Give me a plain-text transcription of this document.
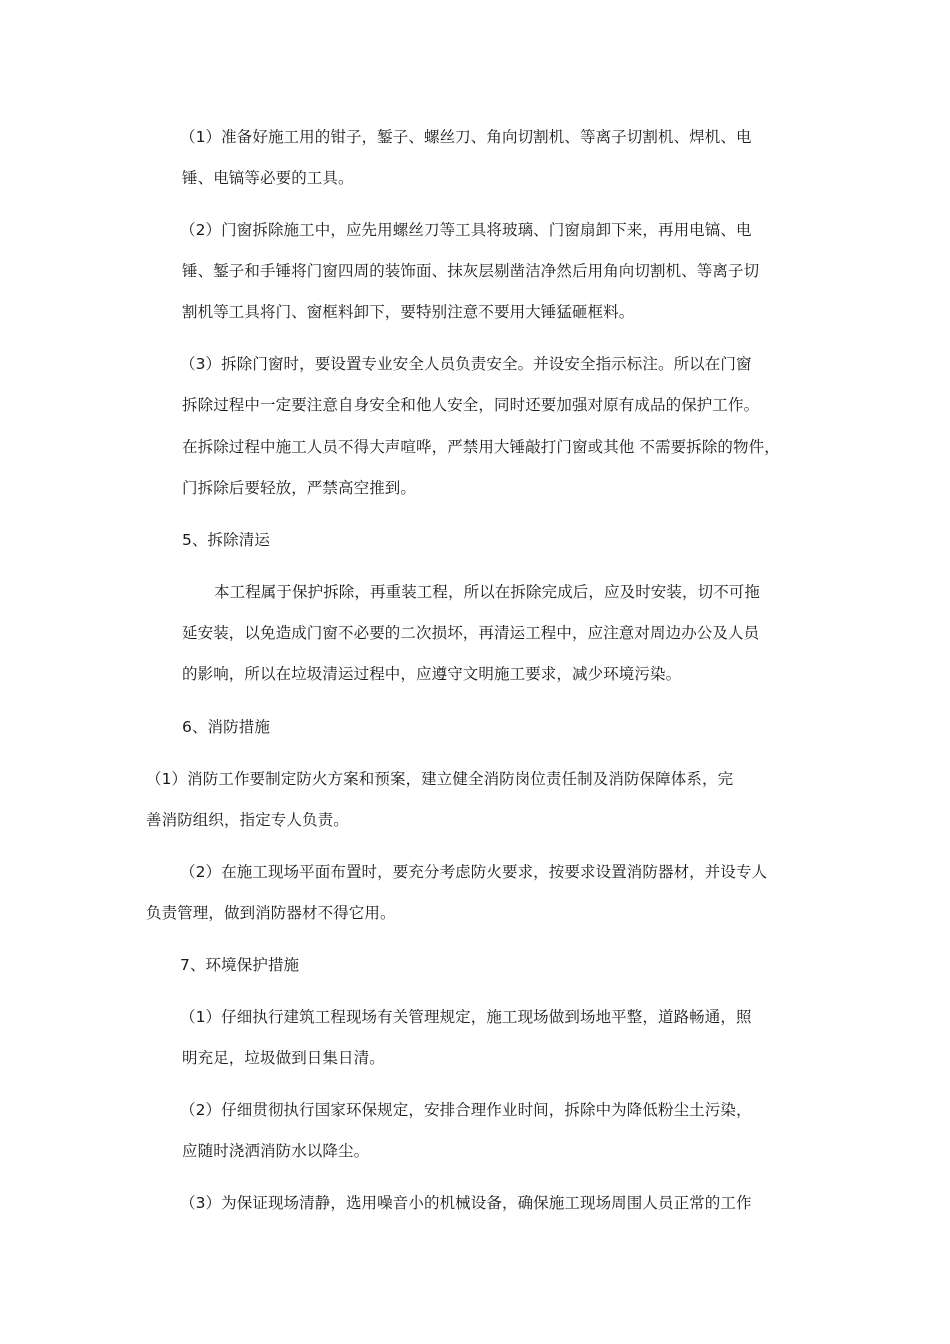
（1）准备好施工用的钳子，錾子、螺丝刀、角向切割机、等离子切割机、焊机、电

锤、电镐等必要的工具。

（2）门窗拆除施工中，应先用螺丝刀等工具将玻璃、门窗扇卸下来，再用电镐、电

锤、錾子和手锤将门窗四周的装饰面、抹灰层剔凿洁净然后用角向切割机、等离子切

割机等工具将门、窗框料卸下，要特别注意不要用大锤猛砸框料。

（3）拆除门窗时，要设置专业安全人员负责安全。并设安全指示标注。所以在门窗

拆除过程中一定要注意自身安全和他人安全，同时还要加强对原有成品的保护工作。

在拆除过程中施工人员不得大声喧哗，严禁用大锤敲打门窗或其他 不需要拆除的物件，

门拆除后要轻放，严禁高空推到。

5、拆除清运

本工程属于保护拆除，再重装工程，所以在拆除完成后，应及时安装，切不可拖

延安装，以免造成门窗不必要的二次损坏，再清运工程中，应注意对周边办公及人员

的影响，所以在垃圾清运过程中，应遵守文明施工要求，减少环境污染。

6、消防措施

（1）消防工作要制定防火方案和预案，建立健全消防岗位责任制及消防保障体系，完

善消防组织，指定专人负责。

（2）在施工现场平面布置时，要充分考虑防火要求，按要求设置消防器材，并设专人

负责管理，做到消防器材不得它用。

7、环境保护措施

（1）仔细执行建筑工程现场有关管理规定，施工现场做到场地平整，道路畅通，照

明充足，垃圾做到日集日清。

（2）仔细贯彻执行国家环保规定，安排合理作业时间，拆除中为降低粉尘土污染，

应随时浇洒消防水以降尘。

（3）为保证现场清静，选用噪音小的机械设备，确保施工现场周围人员正常的工作
